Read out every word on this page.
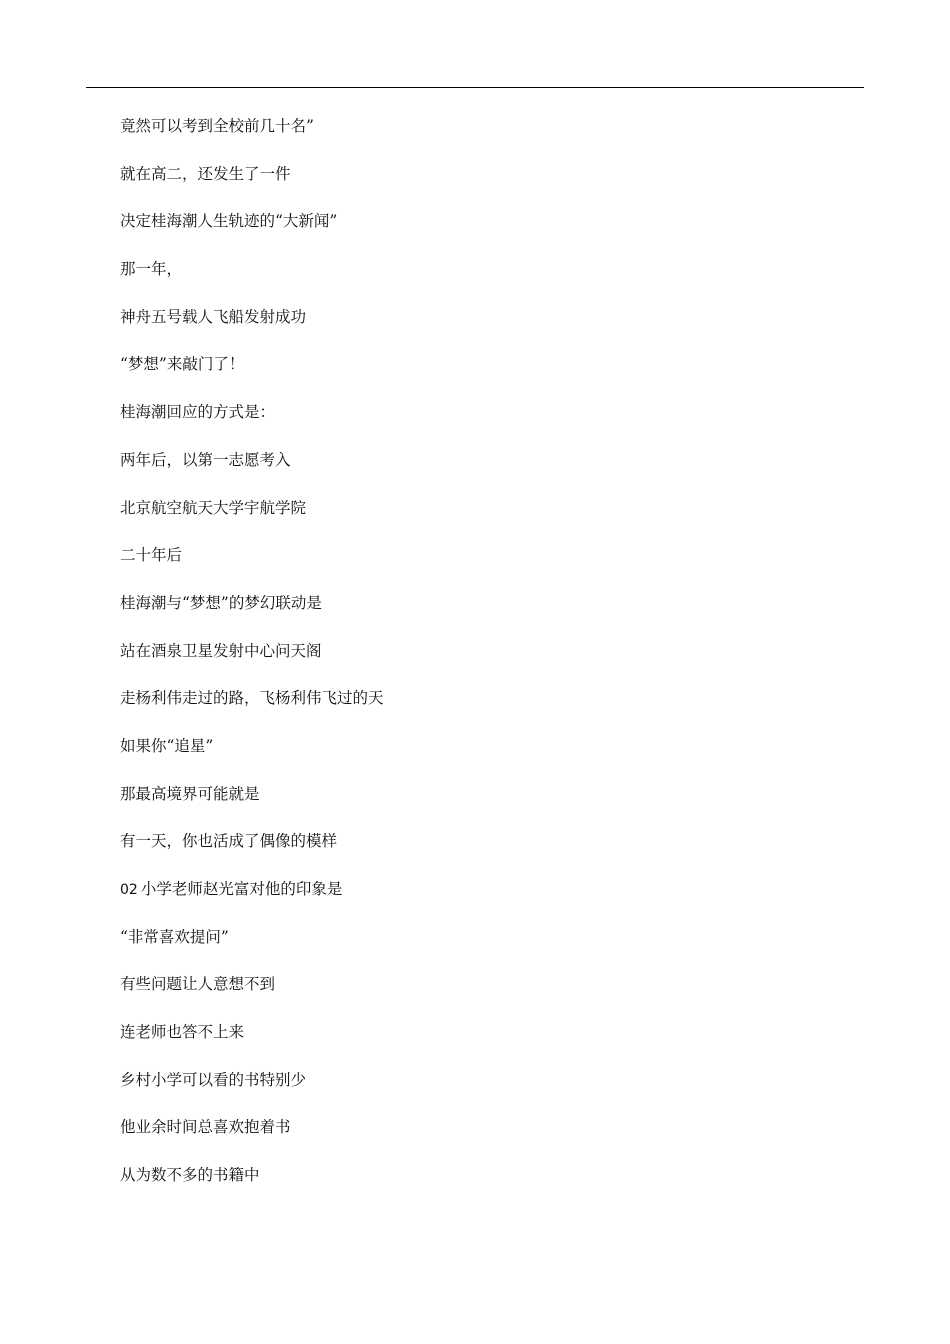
竟然可以考到全校前几十名”
就在高二，还发生了一件
决定桂海潮人生轨迹的“大新闻”
那一年，
神舟五号载人飞船发射成功
“梦想”来敲门了！
桂海潮回应的方式是：
两年后，以第一志愿考入
北京航空航天大学宇航学院
二十年后
桂海潮与“梦想”的梦幻联动是
站在酒泉卫星发射中心问天阁
走杨利伟走过的路，飞杨利伟飞过的天
如果你“追星”
那最高境界可能就是
有一天，你也活成了偶像的模样
02 小学老师赵光富对他的印象是
“非常喜欢提问”
有些问题让人意想不到
连老师也答不上来
乡村小学可以看的书特别少
他业余时间总喜欢抱着书
从为数不多的书籍中
